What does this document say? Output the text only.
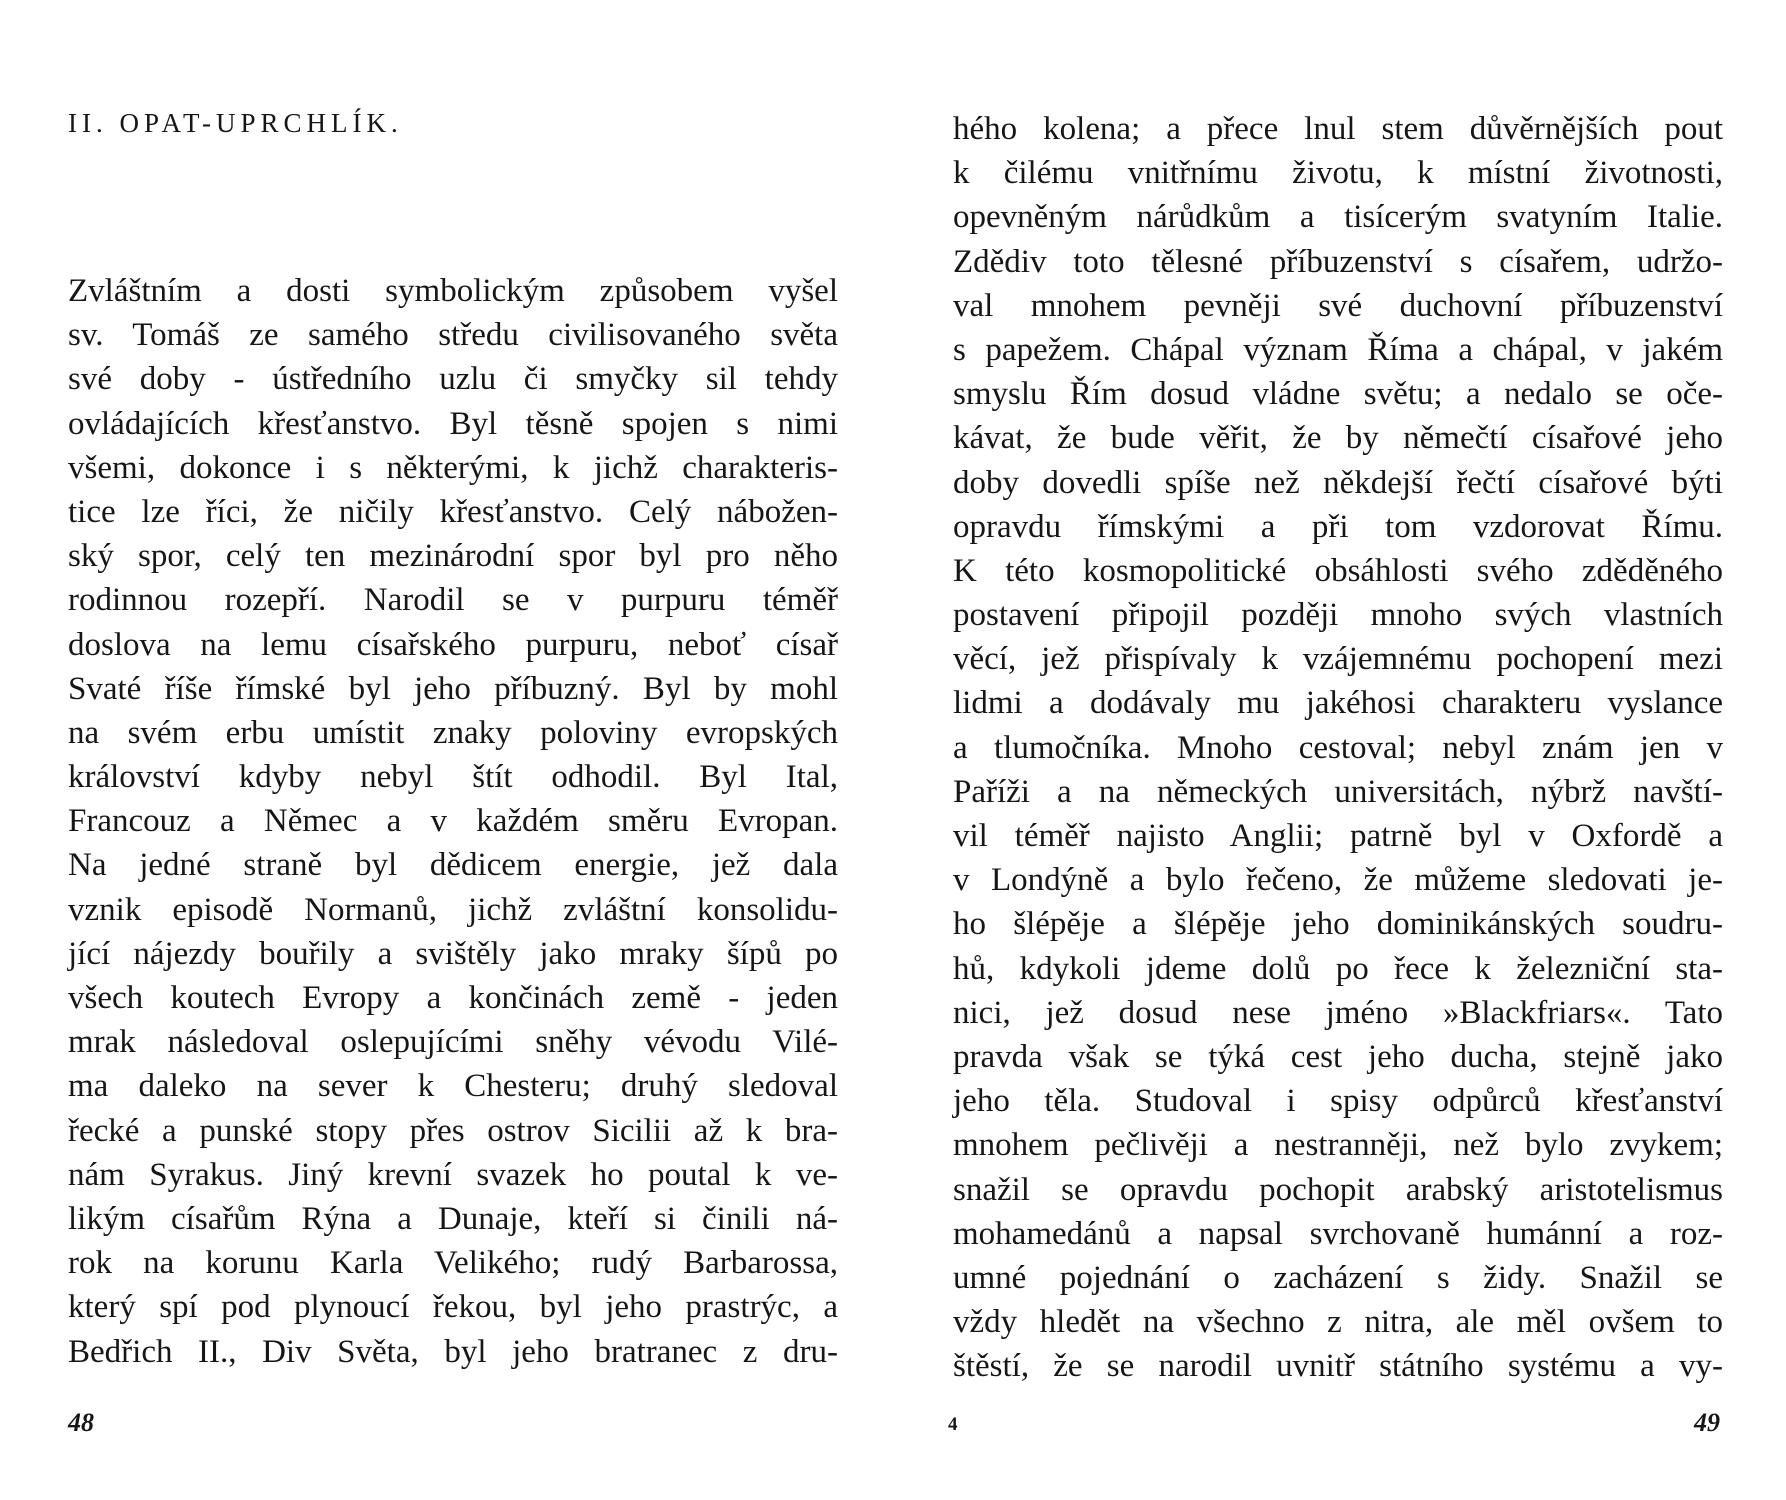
II. OPAT-UPRCHLÍK.
Zvláštním a dosti symbolickým způsobem vyšel
sv. Tomáš ze samého středu civilisovaného světa
své doby - ústředního uzlu či smyčky sil tehdy
ovládajících křesťanstvo. Byl těsně spojen s nimi
všemi, dokonce i s některými, k jichž charakteris-
tice lze říci, že ničily křesťanstvo. Celý nábožen-
ský spor, celý ten mezinárodní spor byl pro něho
rodinnou rozepří. Narodil se v purpuru téměř
doslova na lemu císařského purpuru, neboť císař
Svaté říše římské byl jeho příbuzný. Byl by mohl
na svém erbu umístit znaky poloviny evropských
království kdyby nebyl štít odhodil. Byl Ital,
Francouz a Němec a v každém směru Evropan.
Na jedné straně byl dědicem energie, jež dala
vznik episodě Normanů, jichž zvláštní konsolidu-
jící nájezdy bouřily a svištěly jako mraky šípů po
všech koutech Evropy a končinách země - jeden
mrak následoval oslepujícími sněhy vévodu Vilé-
ma daleko na sever k Chesteru; druhý sledoval
řecké a punské stopy přes ostrov Sicilii až k bra-
nám Syrakus. Jiný krevní svazek ho poutal k ve-
likým císařům Rýna a Dunaje, kteří si činili ná-
rok na korunu Karla Velikého; rudý Barbarossa,
který spí pod plynoucí řekou, byl jeho prastrýc, a
Bedřich II., Div Světa, byl jeho bratranec z dru-
48
hého kolena; a přece lnul stem důvěrnějších pout
k čilému vnitřnímu životu, k místní životnosti,
opevněným nárůdkům a tisícerým svatyním Italie.
Zdědiv toto tělesné příbuzenství s císařem, udržo-
val mnohem pevněji své duchovní příbuzenství
s papežem. Chápal význam Říma a chápal, v jakém
smyslu Řím dosud vládne světu; a nedalo se oče-
kávat, že bude věřit, že by němečtí císařové jeho
doby dovedli spíše než někdejší řečtí císařové býti
opravdu římskými a při tom vzdorovat Římu.
K této kosmopolitické obsáhlosti svého zděděného
postavení připojil později mnoho svých vlastních
věcí, jež přispívaly k vzájemnému pochopení mezi
lidmi a dodávaly mu jakéhosi charakteru vyslance
a tlumočníka. Mnoho cestoval; nebyl znám jen v
Paříži a na německých universitách, nýbrž navští-
vil téměř najisto Anglii; patrně byl v Oxfordě a
v Londýně a bylo řečeno, že můžeme sledovati je-
ho šlépěje a šlépěje jeho dominikánských soudru-
hů, kdykoli jdeme dolů po řece k železniční sta-
nici, jež dosud nese jméno »Blackfriars«. Tato
pravda však se týká cest jeho ducha, stejně jako
jeho těla. Studoval i spisy odpůrců křesťanství
mnohem pečlivěji a nestranněji, než bylo zvykem;
snažil se opravdu pochopit arabský aristotelismus
mohamedánů a napsal svrchovaně humánní a roz-
umné pojednání o zacházení s židy. Snažil se
vždy hledět na všechno z nitra, ale měl ovšem to
štěstí, že se narodil uvnitř státního systému a vy-
49
4
